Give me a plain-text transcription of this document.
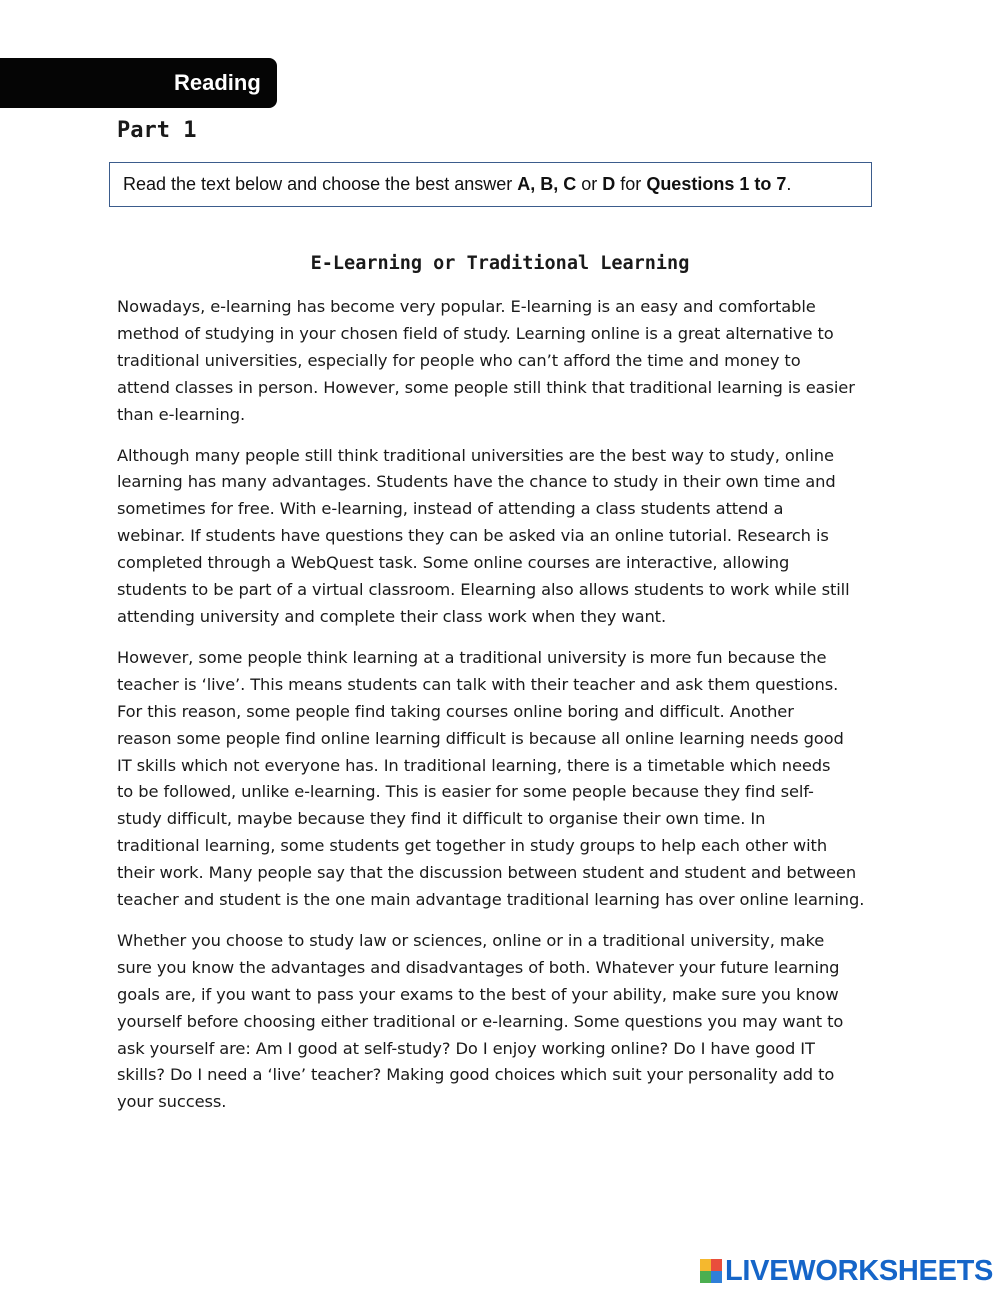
Reading
Part 1
Read the text below and choose the best answer A, B, C or D for Questions 1 to 7.
E-Learning or Traditional Learning

Nowadays, e-learning has become very popular. E-learning is an easy and comfortable
method of studying in your chosen field of study. Learning online is a great alternative to
traditional universities, especially for people who can’t afford the time and money to
attend classes in person. However, some people still think that traditional learning is easier
than e-learning.

Although many people still think traditional universities are the best way to study, online
learning has many advantages. Students have the chance to study in their own time and
sometimes for free. With e-learning, instead of attending a class students attend a
webinar. If students have questions they can be asked via an online tutorial. Research is
completed through a WebQuest task. Some online courses are interactive, allowing
students to be part of a virtual classroom. Elearning also allows students to work while still
attending university and complete their class work when they want.

However, some people think learning at a traditional university is more fun because the
teacher is ‘live’. This means students can talk with their teacher and ask them questions.
For this reason, some people find taking courses online boring and difficult. Another
reason some people find online learning difficult is because all online learning needs good
IT skills which not everyone has. In traditional learning, there is a timetable which needs
to be followed, unlike e-learning. This is easier for some people because they find self-
study difficult, maybe because they find it difficult to organise their own time. In
traditional learning, some students get together in study groups to help each other with
their work. Many people say that the discussion between student and student and between
teacher and student is the one main advantage traditional learning has over online learning.

Whether you choose to study law or sciences, online or in a traditional university, make
sure you know the advantages and disadvantages of both. Whatever your future learning
goals are, if you want to pass your exams to the best of your ability, make sure you know
yourself before choosing either traditional or e-learning. Some questions you may want to
ask yourself are: Am I good at self-study? Do I enjoy working online? Do I have good IT
skills? Do I need a ‘live’ teacher? Making good choices which suit your personality add to
your success.

LIVEWORKSHEETS
